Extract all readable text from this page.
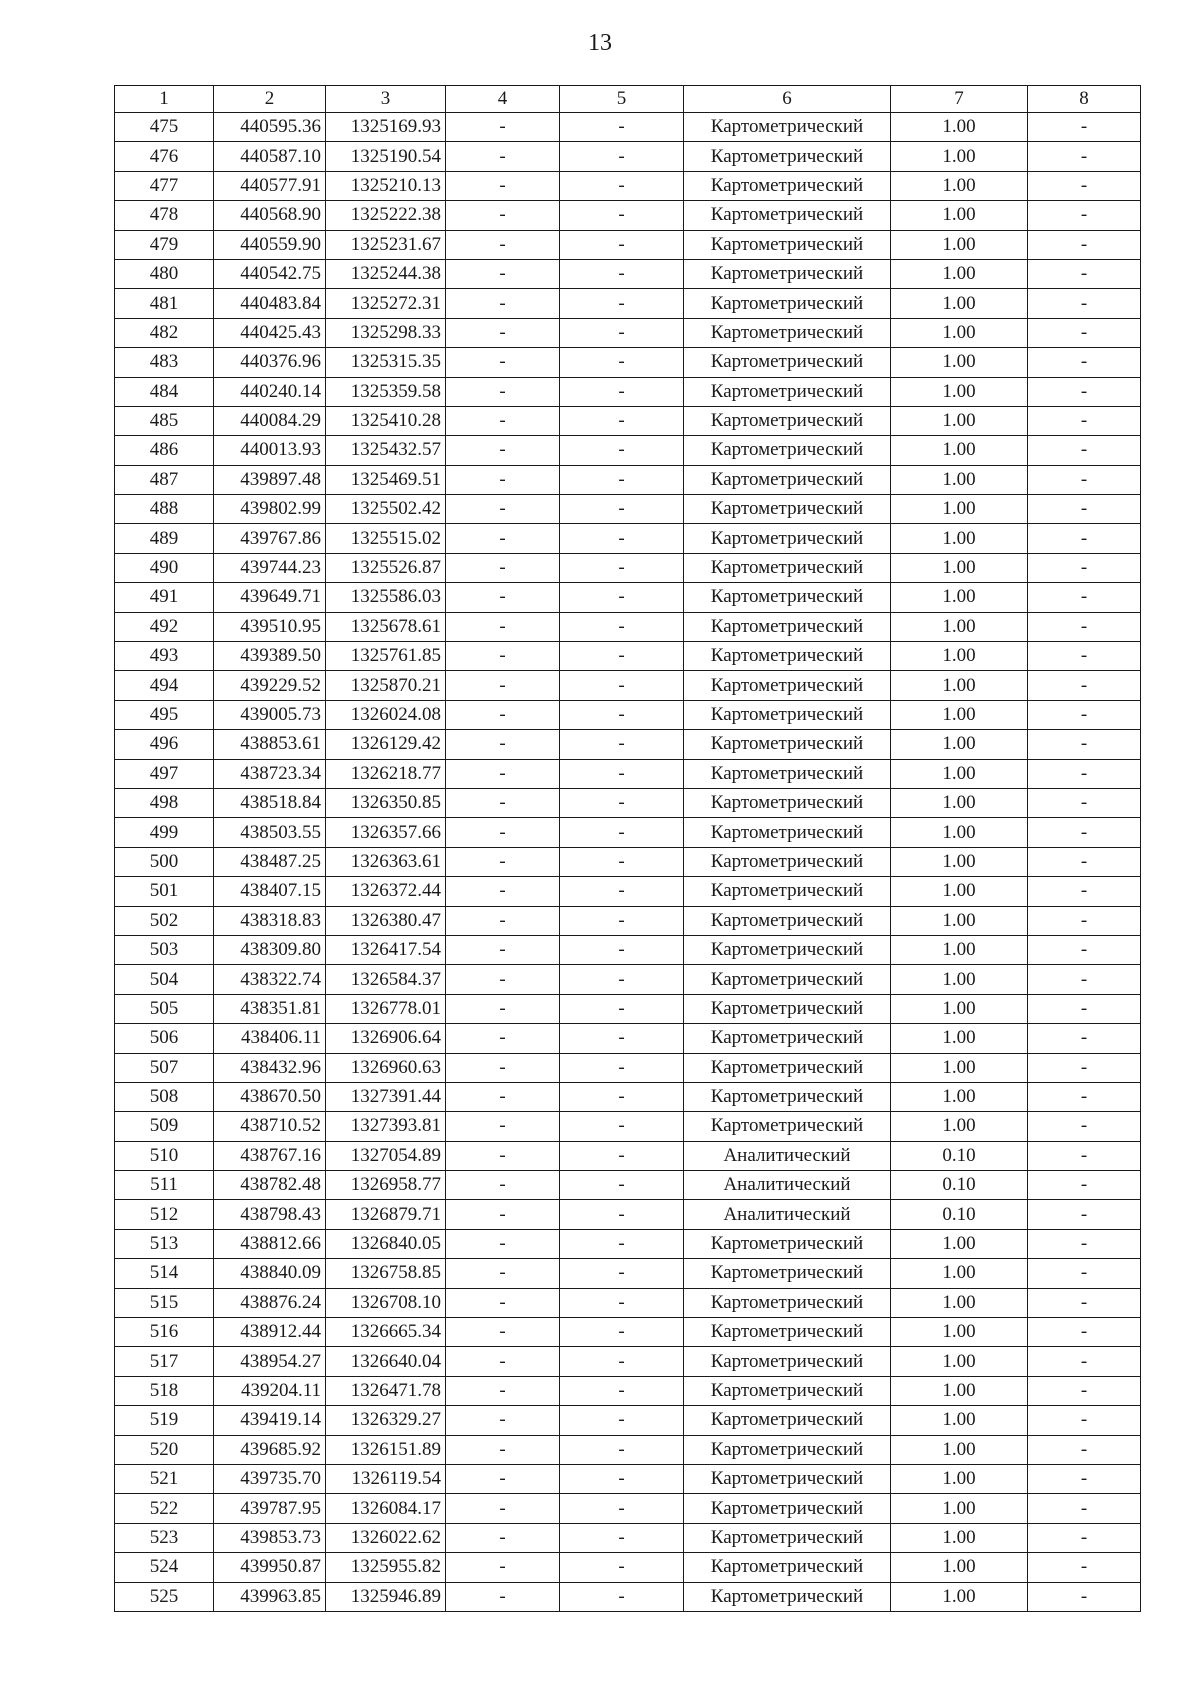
13
1	2	3	4	5	6	7	8
475	440595.36	1325169.93	-	-	Картометрический	1.00	-
476	440587.10	1325190.54	-	-	Картометрический	1.00	-
477	440577.91	1325210.13	-	-	Картометрический	1.00	-
478	440568.90	1325222.38	-	-	Картометрический	1.00	-
479	440559.90	1325231.67	-	-	Картометрический	1.00	-
480	440542.75	1325244.38	-	-	Картометрический	1.00	-
481	440483.84	1325272.31	-	-	Картометрический	1.00	-
482	440425.43	1325298.33	-	-	Картометрический	1.00	-
483	440376.96	1325315.35	-	-	Картометрический	1.00	-
484	440240.14	1325359.58	-	-	Картометрический	1.00	-
485	440084.29	1325410.28	-	-	Картометрический	1.00	-
486	440013.93	1325432.57	-	-	Картометрический	1.00	-
487	439897.48	1325469.51	-	-	Картометрический	1.00	-
488	439802.99	1325502.42	-	-	Картометрический	1.00	-
489	439767.86	1325515.02	-	-	Картометрический	1.00	-
490	439744.23	1325526.87	-	-	Картометрический	1.00	-
491	439649.71	1325586.03	-	-	Картометрический	1.00	-
492	439510.95	1325678.61	-	-	Картометрический	1.00	-
493	439389.50	1325761.85	-	-	Картометрический	1.00	-
494	439229.52	1325870.21	-	-	Картометрический	1.00	-
495	439005.73	1326024.08	-	-	Картометрический	1.00	-
496	438853.61	1326129.42	-	-	Картометрический	1.00	-
497	438723.34	1326218.77	-	-	Картометрический	1.00	-
498	438518.84	1326350.85	-	-	Картометрический	1.00	-
499	438503.55	1326357.66	-	-	Картометрический	1.00	-
500	438487.25	1326363.61	-	-	Картометрический	1.00	-
501	438407.15	1326372.44	-	-	Картометрический	1.00	-
502	438318.83	1326380.47	-	-	Картометрический	1.00	-
503	438309.80	1326417.54	-	-	Картометрический	1.00	-
504	438322.74	1326584.37	-	-	Картометрический	1.00	-
505	438351.81	1326778.01	-	-	Картометрический	1.00	-
506	438406.11	1326906.64	-	-	Картометрический	1.00	-
507	438432.96	1326960.63	-	-	Картометрический	1.00	-
508	438670.50	1327391.44	-	-	Картометрический	1.00	-
509	438710.52	1327393.81	-	-	Картометрический	1.00	-
510	438767.16	1327054.89	-	-	Аналитический	0.10	-
511	438782.48	1326958.77	-	-	Аналитический	0.10	-
512	438798.43	1326879.71	-	-	Аналитический	0.10	-
513	438812.66	1326840.05	-	-	Картометрический	1.00	-
514	438840.09	1326758.85	-	-	Картометрический	1.00	-
515	438876.24	1326708.10	-	-	Картометрический	1.00	-
516	438912.44	1326665.34	-	-	Картометрический	1.00	-
517	438954.27	1326640.04	-	-	Картометрический	1.00	-
518	439204.11	1326471.78	-	-	Картометрический	1.00	-
519	439419.14	1326329.27	-	-	Картометрический	1.00	-
520	439685.92	1326151.89	-	-	Картометрический	1.00	-
521	439735.70	1326119.54	-	-	Картометрический	1.00	-
522	439787.95	1326084.17	-	-	Картометрический	1.00	-
523	439853.73	1326022.62	-	-	Картометрический	1.00	-
524	439950.87	1325955.82	-	-	Картометрический	1.00	-
525	439963.85	1325946.89	-	-	Картометрический	1.00	-
